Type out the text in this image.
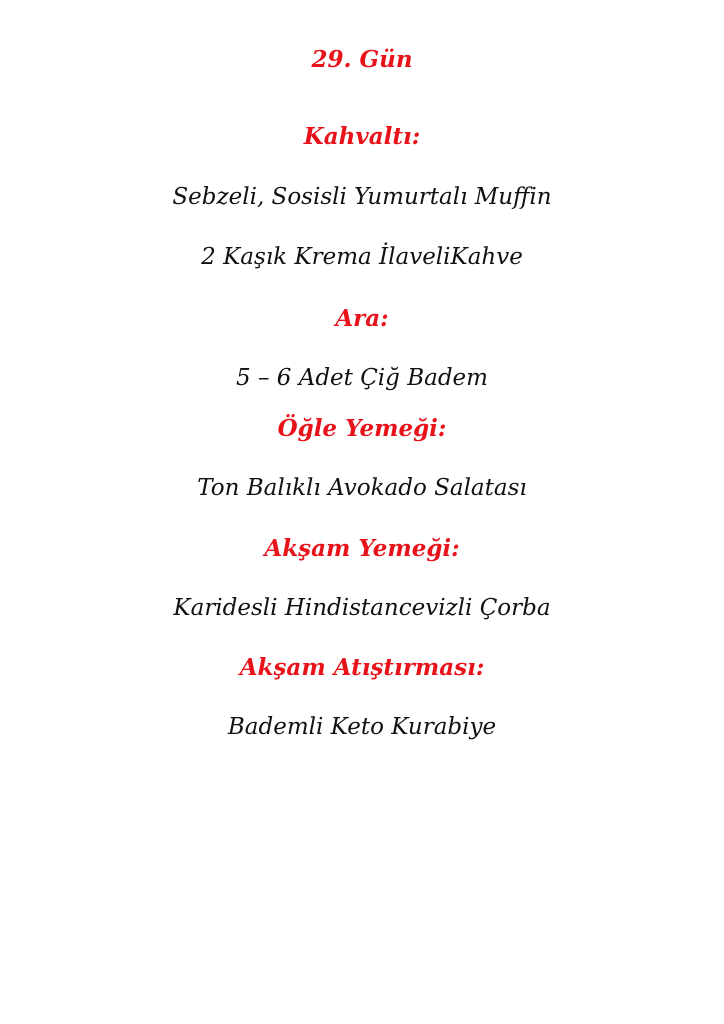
29. Gün
Kahvaltı:
Sebzeli, Sosisli Yumurtalı Muffin
2 Kaşık Krema İlaveliKahve
Ara:
5 – 6 Adet Çiğ Badem
Öğle Yemeği:
Ton Balıklı Avokado Salatası
Akşam Yemeği:
Karidesli Hindistancevizli Çorba
Akşam Atıştırması:
Bademli Keto Kurabiye
